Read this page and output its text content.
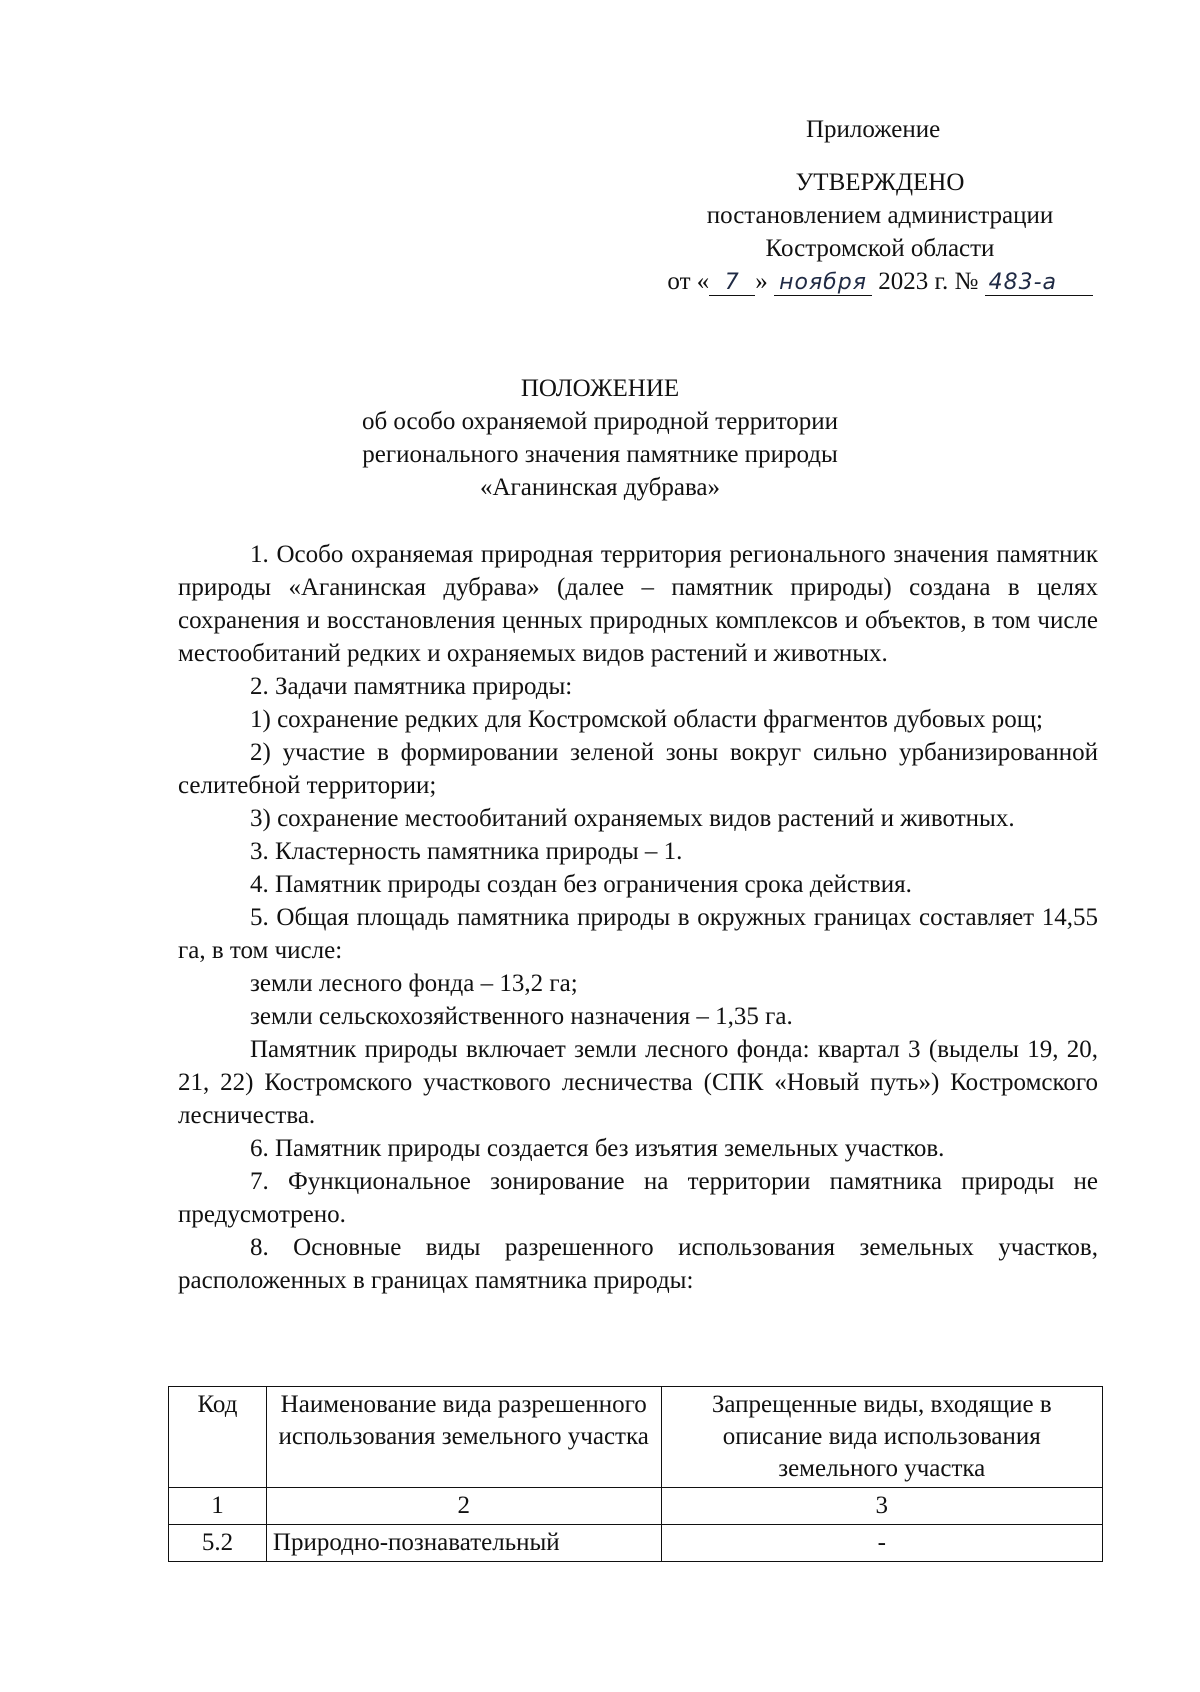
Приложение
УТВЕРЖДЕНО
постановлением администрации
Костромской области
от « 7 » ноября 2023 г. № 483-а
ПОЛОЖЕНИЕ
об особо охраняемой природной территории
регионального значения памятнике природы
«Аганинская дубрава»

1. Особо охраняемая природная территория регионального значения памятник природы «Аганинская дубрава» (далее – памятник природы) создана в целях сохранения и восстановления ценных природных комплексов и объектов, в том числе местообитаний редких и охраняемых видов растений и животных.

2. Задачи памятника природы:

1) сохранение редких для Костромской области фрагментов дубовых рощ;

2) участие в формировании зеленой зоны вокруг сильно урбанизированной селитебной территории;

3) сохранение местообитаний охраняемых видов растений и животных.

3. Кластерность памятника природы – 1.

4. Памятник природы создан без ограничения срока действия.

5. Общая площадь памятника природы в окружных границах составляет 14,55 га, в том числе:

земли лесного фонда – 13,2 га;

земли сельскохозяйственного назначения – 1,35 га.

Памятник природы включает земли лесного фонда: квартал 3 (выделы 19, 20, 21, 22) Костромского участкового лесничества (СПК «Новый путь») Костромского лесничества.

6. Памятник природы создается без изъятия земельных участков.

7. Функциональное зонирование на территории памятника природы не предусмотрено.

8. Основные виды разрешенного использования земельных участков, расположенных в границах памятника природы:

Код	Наименование вида разрешенного использования земельного участка	Запрещенные виды, входящие в описание вида использования земельного участка
1	2	3
5.2	Природно-познавательный	-
